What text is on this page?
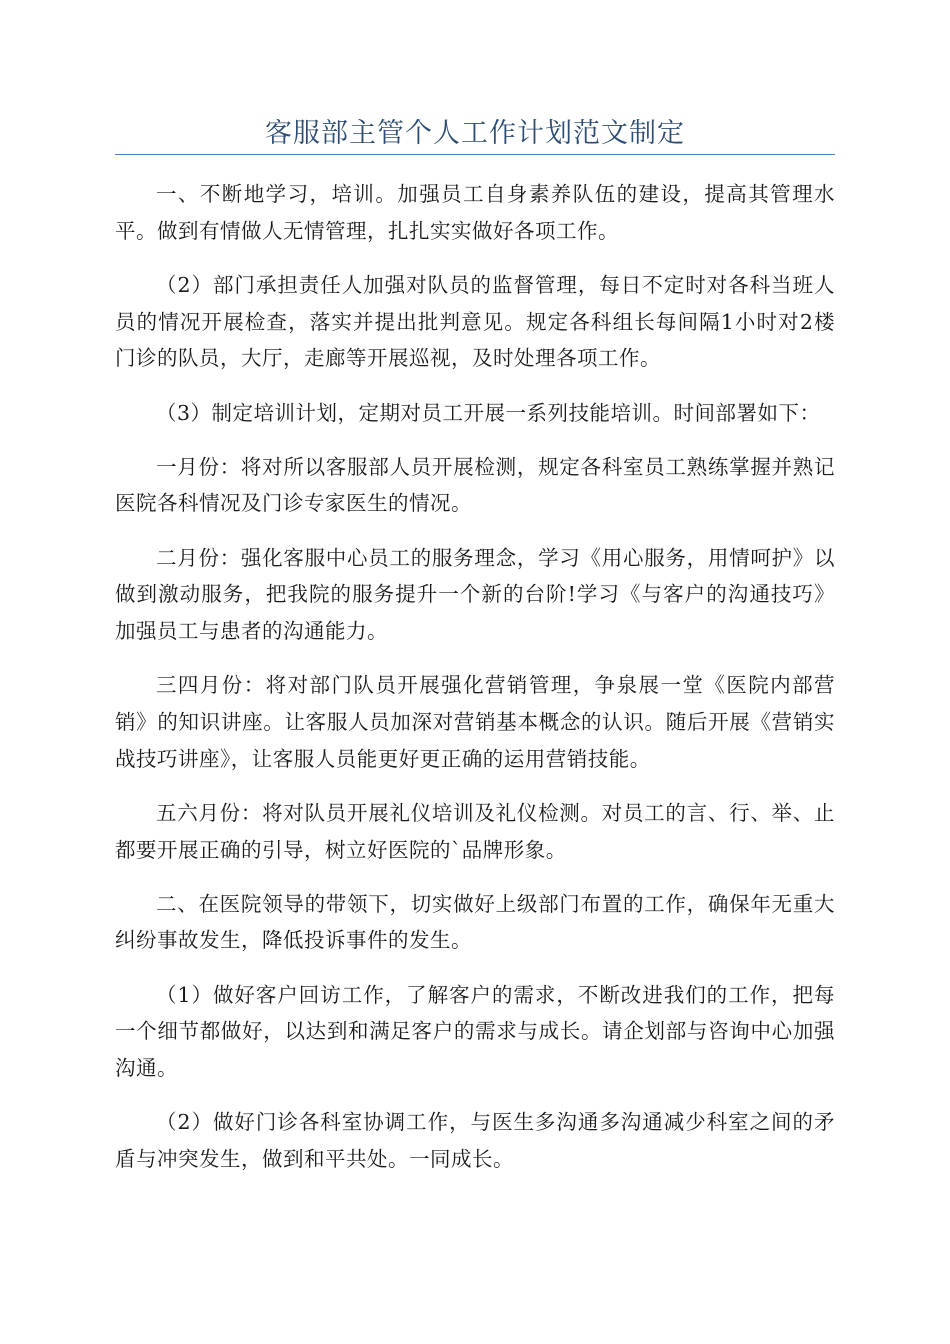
客服部主管个人工作计划范文制定

一、不断地学习，培训。加强员工自身素养队伍的建设，提高其管理水平。做到有情做人无情管理，扎扎实实做好各项工作。

（2）部门承担责任人加强对队员的监督管理，每日不定时对各科当班人员的情况开展检查，落实并提出批判意见。规定各科组长每间隔1小时对2楼门诊的队员，大厅，走廊等开展巡视，及时处理各项工作。

（3）制定培训计划，定期对员工开展一系列技能培训。时间部署如下：

一月份：将对所以客服部人员开展检测，规定各科室员工熟练掌握并熟记医院各科情况及门诊专家医生的情况。

二月份：强化客服中心员工的服务理念，学习《用心服务，用情呵护》以做到激动服务，把我院的服务提升一个新的台阶!学习《与客户的沟通技巧》加强员工与患者的沟通能力。

三四月份：将对部门队员开展强化营销管理，争泉展一堂《医院内部营销》的知识讲座。让客服人员加深对营销基本概念的认识。随后开展《营销实战技巧讲座》，让客服人员能更好更正确的运用营销技能。

五六月份：将对队员开展礼仪培训及礼仪检测。对员工的言、行、举、止都要开展正确的引导，树立好医院的`品牌形象。

二、在医院领导的带领下，切实做好上级部门布置的工作，确保年无重大纠纷事故发生，降低投诉事件的发生。

（1）做好客户回访工作，了解客户的需求，不断改进我们的工作，把每一个细节都做好，以达到和满足客户的需求与成长。请企划部与咨询中心加强沟通。

（2）做好门诊各科室协调工作，与医生多沟通多沟通减少科室之间的矛盾与冲突发生，做到和平共处。一同成长。
